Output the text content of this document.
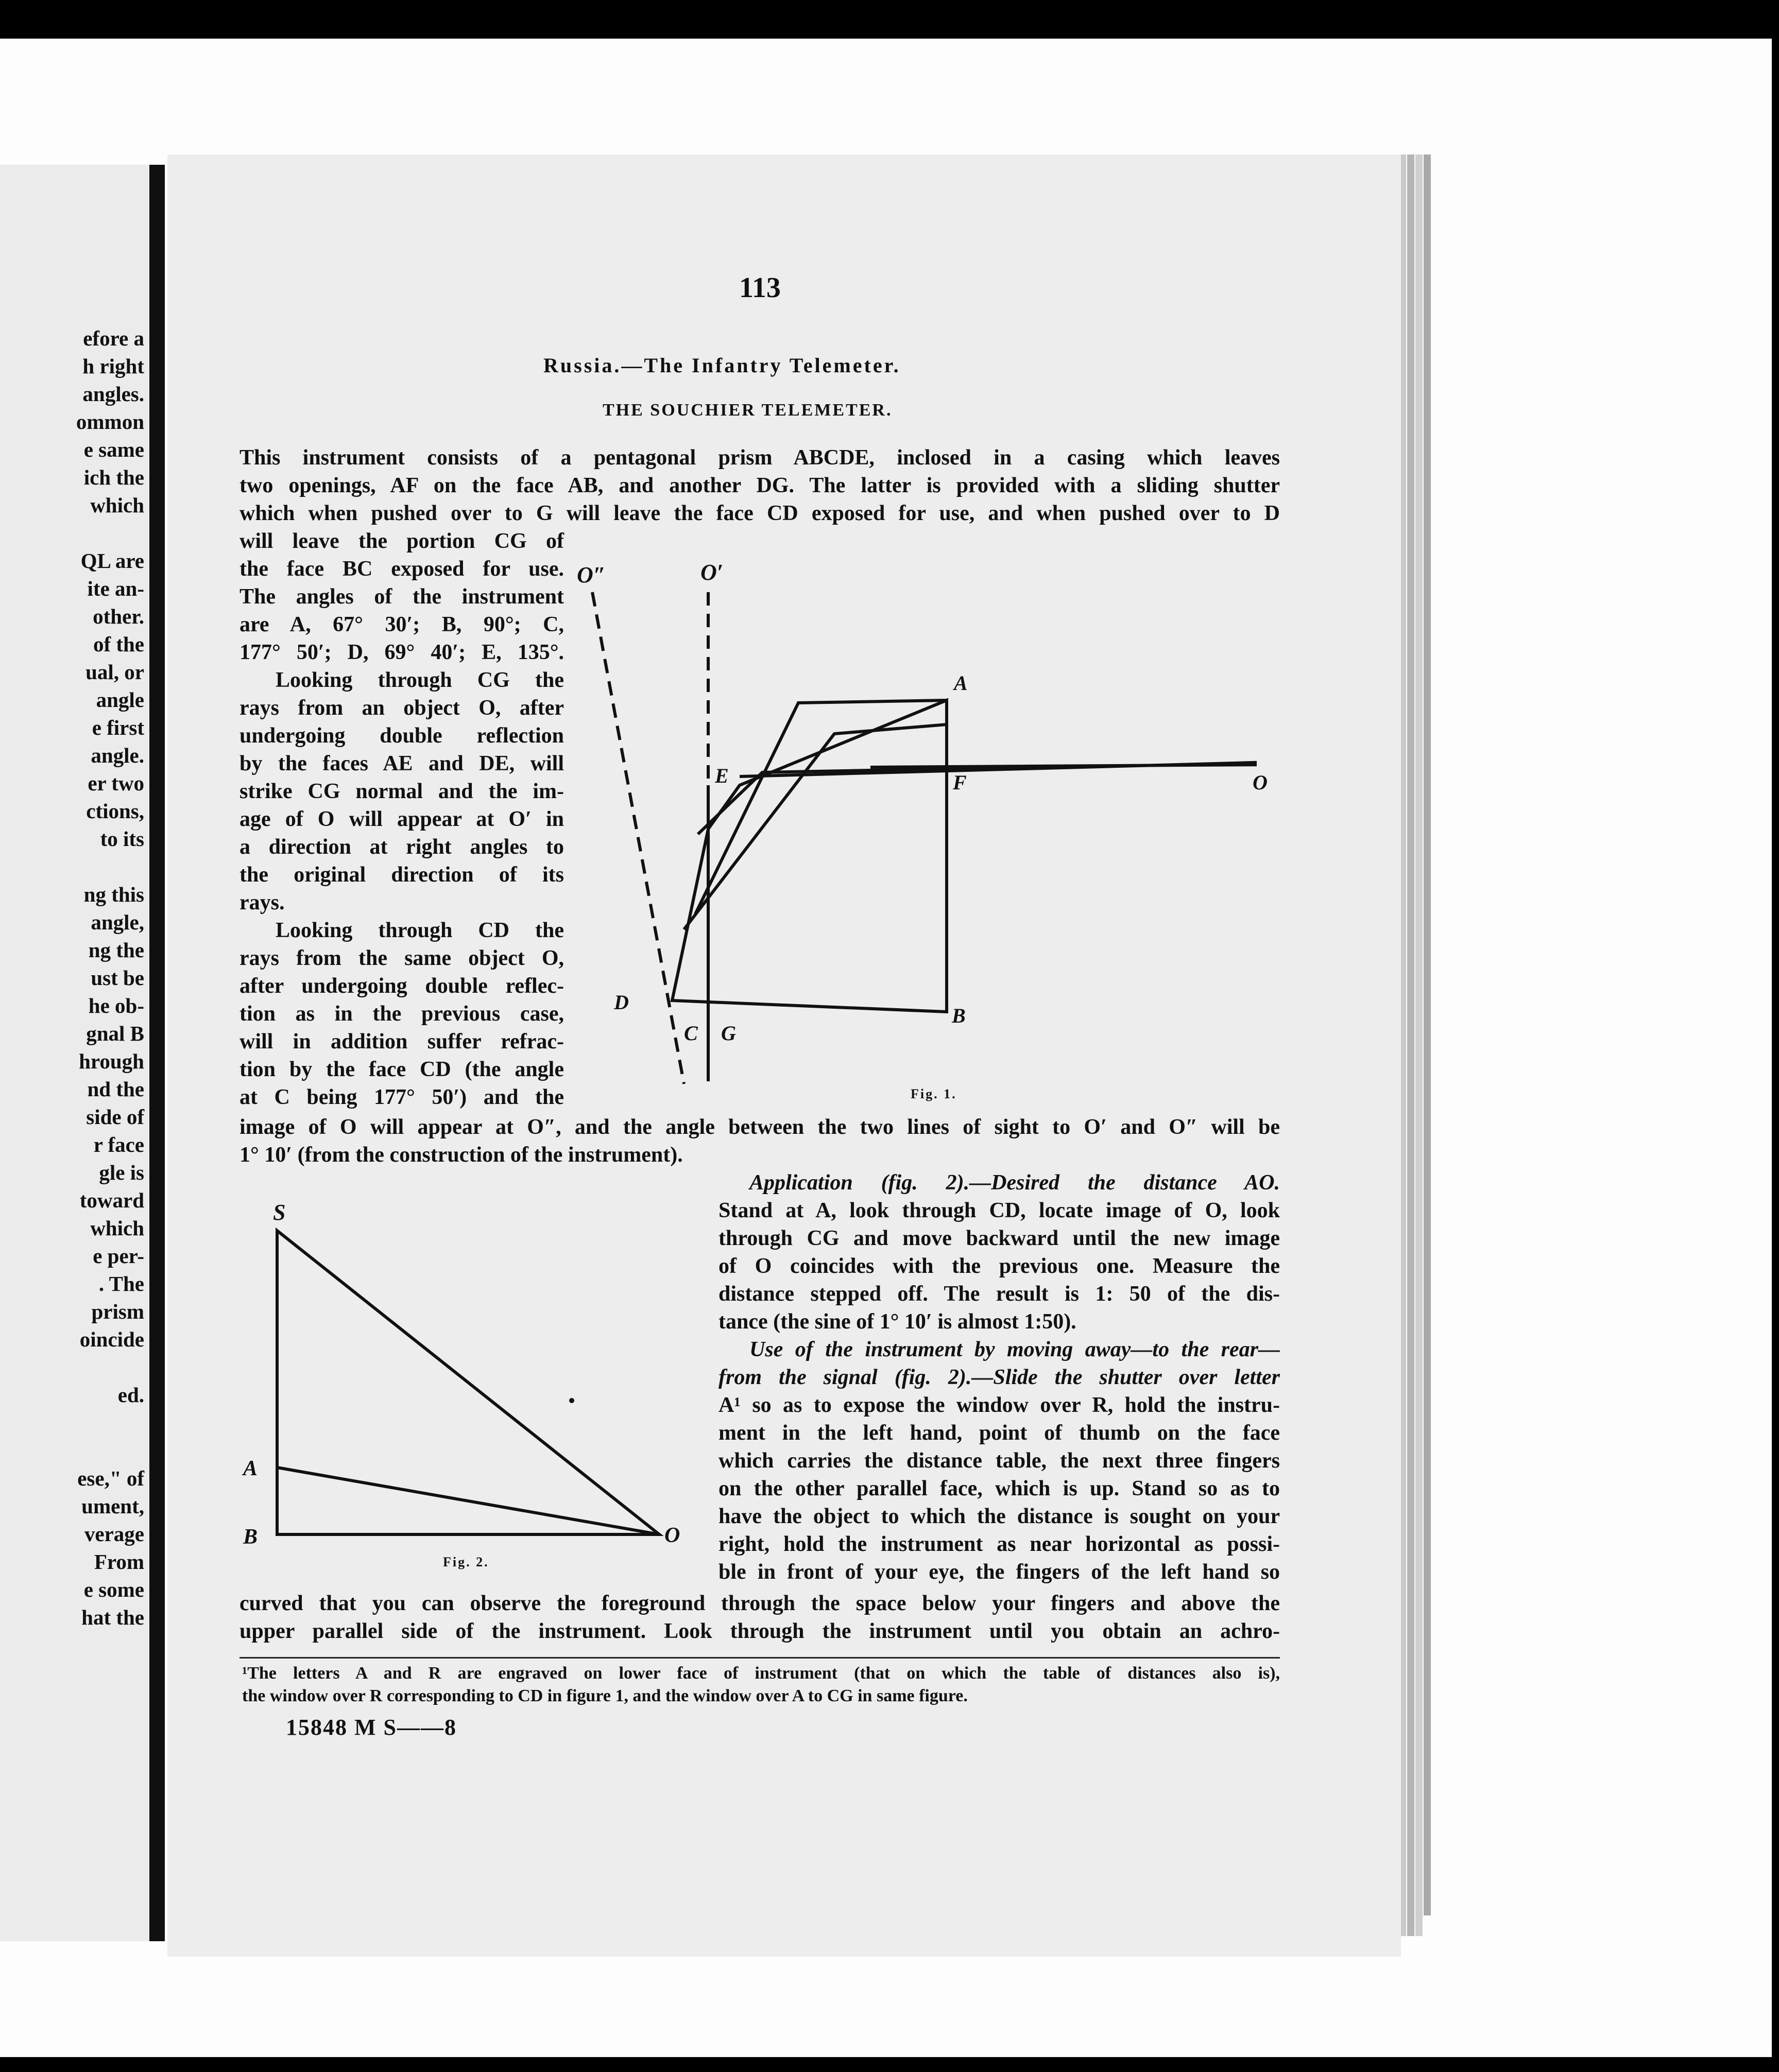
efore a
h right
angles.
ommon
e same
ich the
which
QL are
ite an-
other.
of the
ual, or
angle
e first
angle.
er two
ctions,
to its
ng this
angle,
ng the
ust be
he ob-
gnal B
hrough
nd the
side of
r face
gle is
toward
which
e per-
. The
prism
oincide
ed.
ese," of
ument,
verage
From
e some
hat the
113
Russia.—The Infantry Telemeter.
THE SOUCHIER TELEMETER.
This instrument consists of a pentagonal prism ABCDE, inclosed in a casing which leaves
two openings, AF on the face AB, and another DG. The latter is provided with a sliding shutter
which when pushed over to G will leave the face CD exposed for use, and when pushed over to D
will leave the portion CG of
the face BC exposed for use.
The angles of the instrument
are A, 67° 30′; B, 90°; C,
177° 50′; D, 69° 40′; E, 135°.
Looking through CG the
rays from an object O, after
undergoing double reflection
by the faces AE and DE, will
strike CG normal and the im-
age of O will appear at O′ in
a direction at right angles to
the original direction of its
rays.
Looking through CD the
rays from the same object O,
after undergoing double reflec-
tion as in the previous case,
will in addition suffer refrac-
tion by the face CD (the angle
at C being 177° 50′) and the
O″	O′
A
E	F	O
D
C G
B
Fig. 1.
image of O will appear at O″, and the angle between the two lines of sight to O′ and O″ will be
1° 10′ (from the construction of the instrument).
S
A
B	O
Fig. 2.
Application (fig. 2).—Desired the distance AO.
Stand at A, look through CD, locate image of O, look
through CG and move backward until the new image
of O coincides with the previous one. Measure the
distance stepped off. The result is 1: 50 of the dis-
tance (the sine of 1° 10′ is almost 1:50).
Use of the instrument by moving away—to the rear—
from the signal (fig. 2).—Slide the shutter over letter
A¹ so as to expose the window over R, hold the instru-
ment in the left hand, point of thumb on the face
which carries the distance table, the next three fingers
on the other parallel face, which is up. Stand so as to
have the object to which the distance is sought on your
right, hold the instrument as near horizontal as possi-
ble in front of your eye, the fingers of the left hand so
curved that you can observe the foreground through the space below your fingers and above the
upper parallel side of the instrument. Look through the instrument until you obtain an achro-
¹The letters A and R are engraved on lower face of instrument (that on which the table of distances also is),
the window over R corresponding to CD in figure 1, and the window over A to CG in same figure.
15848 M S——8
